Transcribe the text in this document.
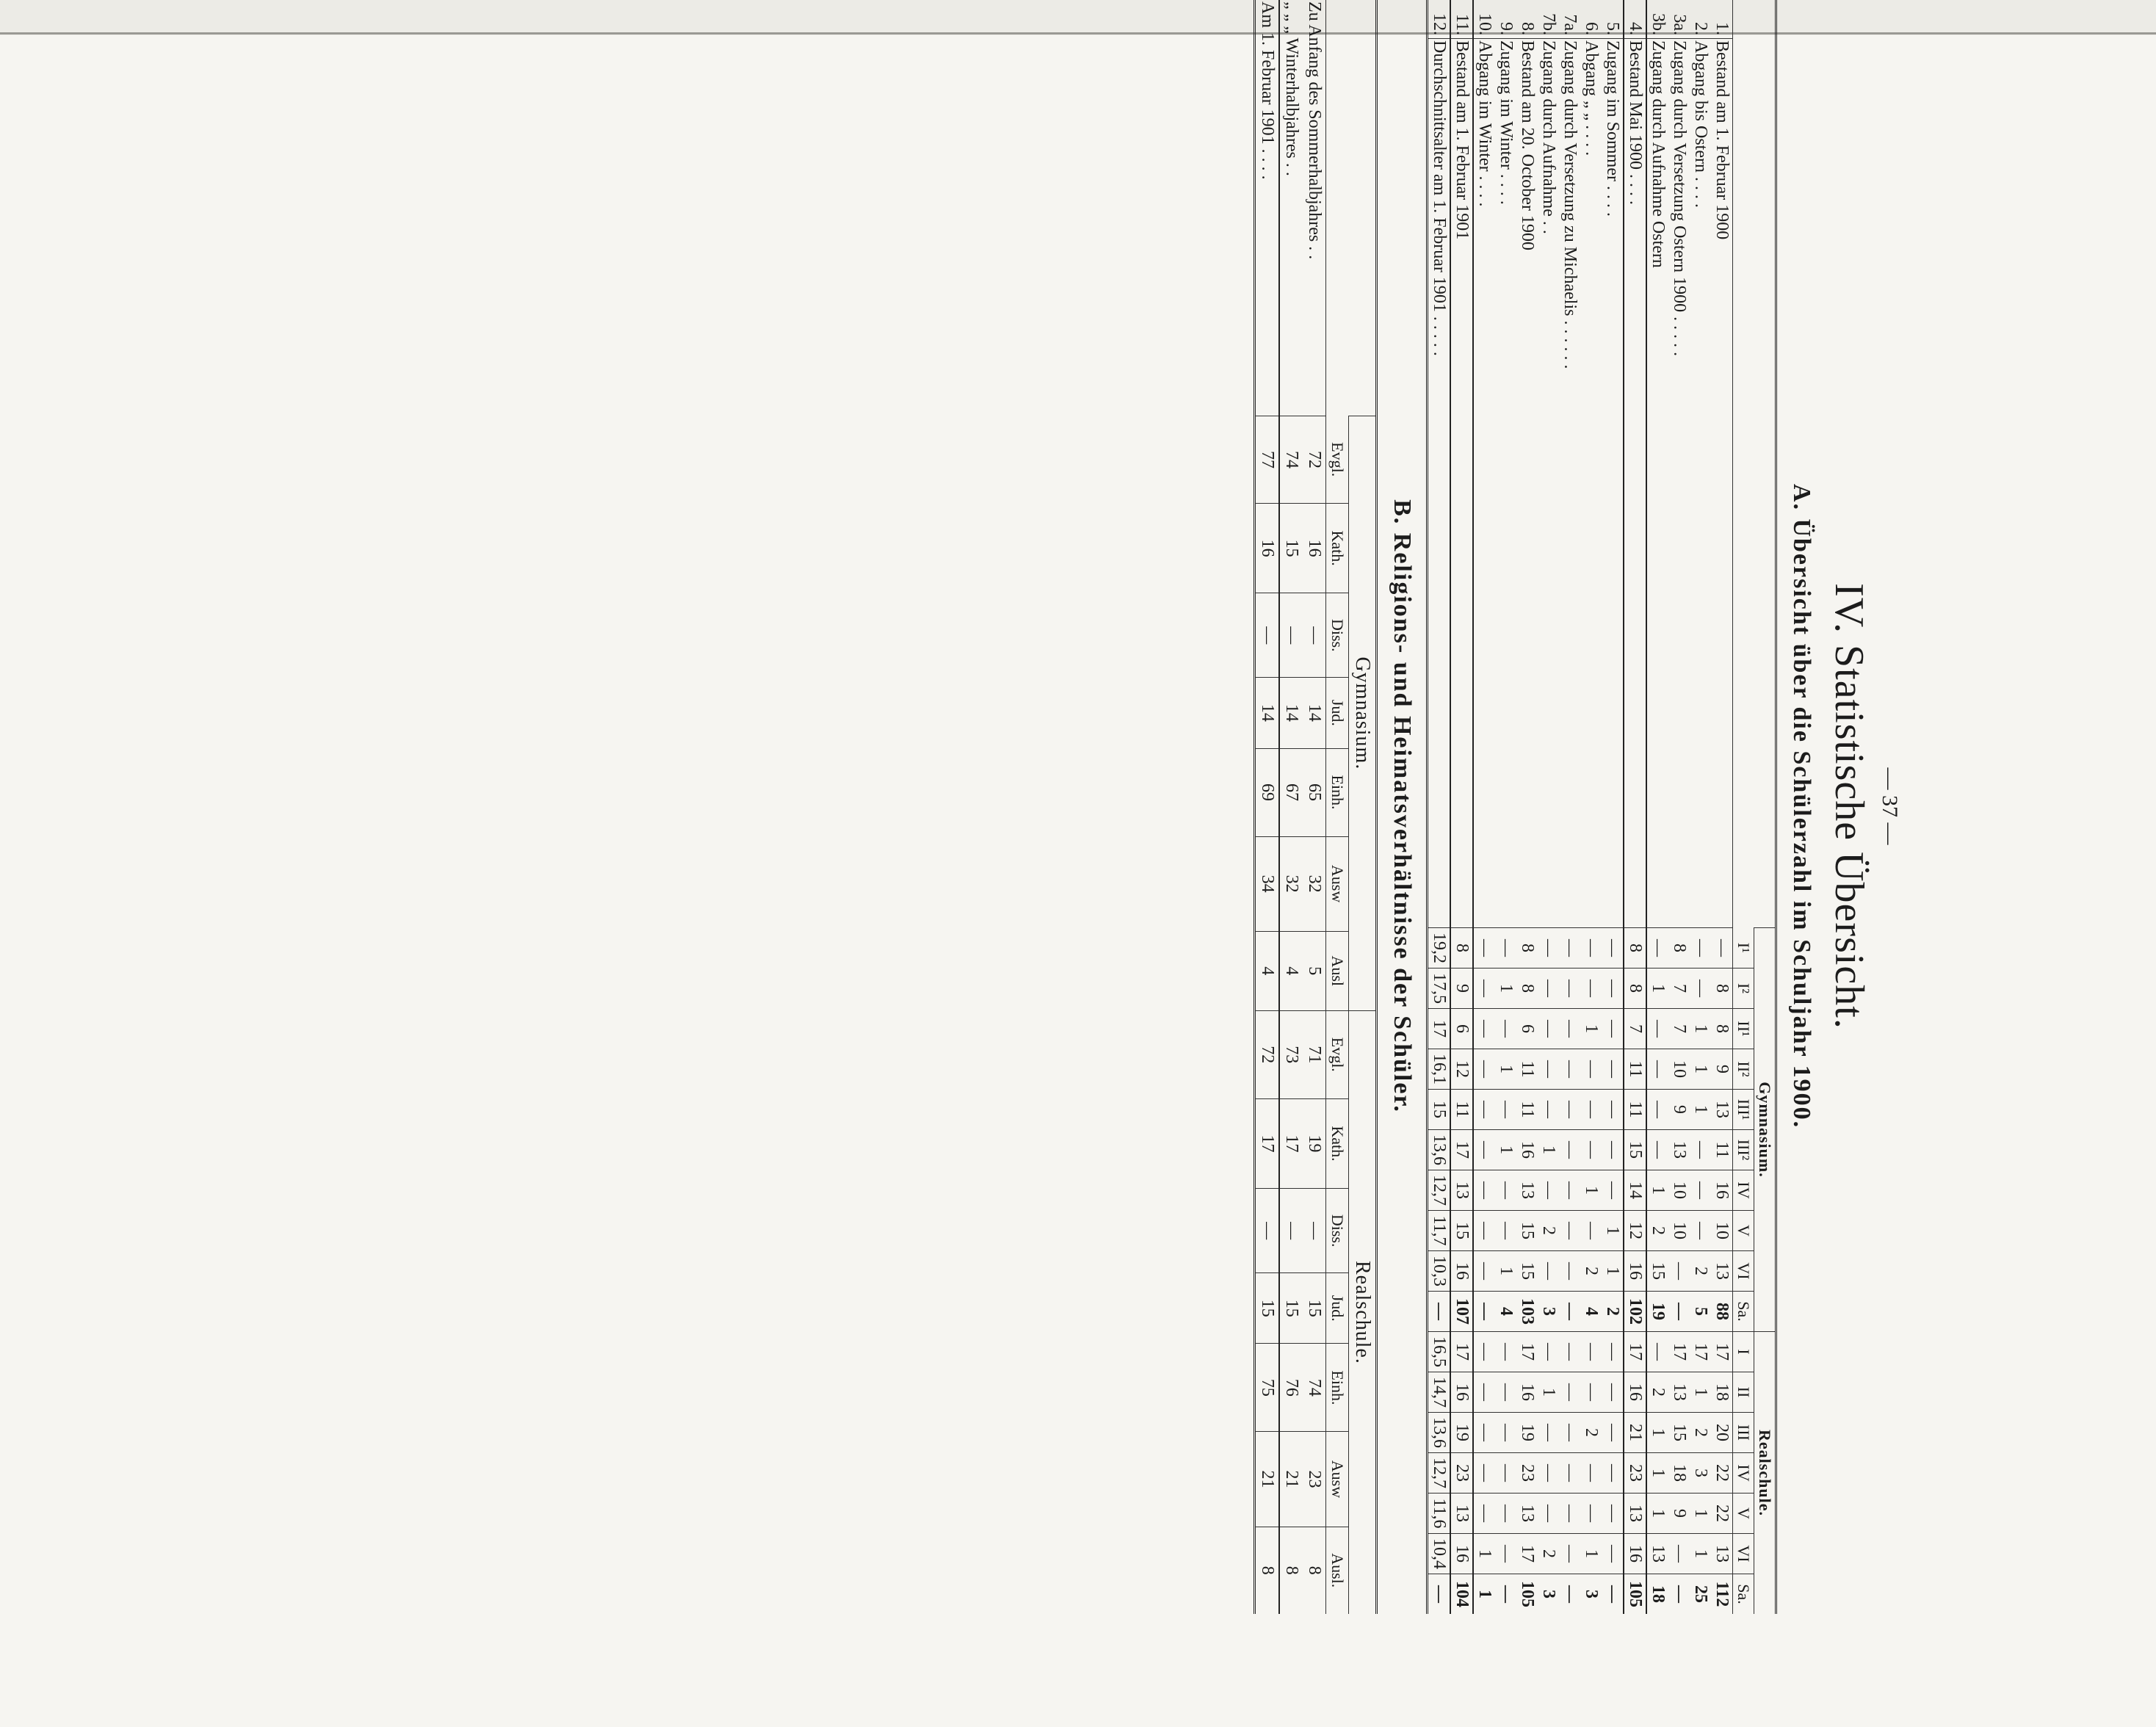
— 37 —
IV. Statistische Übersicht.
A. Übersicht über die Schülerzahl im Schuljahr 1900.
		Gymnasium.										Realschule.						
		I¹	I²	II¹	II²	III¹	III²	IV	V	VI	Sa.	I	II	III	IV	V	VI	Sa.
1.	Bestand am 1. Februar 1900	—	8	8	9	13	11	16	10	13	88	17	18	20	22	22	13	112
2.	Abgang bis Ostern . . . .	—	—	1	1	1	—	—	—	2	5	17	1	2	3	1	1	25
3a.	Zugang durch Versetzung Ostern 1900 . . . . .	8	7	7	10	9	13	10	10	—	—	17	13	15	18	9	—	—
3b.	Zugang durch Aufnahme Ostern	—	1	—	—	—	—	1	2	15	19	—	2	1	1	1	13	18
4.	Bestand Mai 1900 . . . .	8	8	7	11	11	15	14	12	16	102	17	16	21	23	13	16	105
5.	Zugang im Sommer . . . .	—	—	—	—	—	—	—	1	1	2	—	—	—	—	—	—	—
6.	Abgang „ „ . . . .	—	—	1	—	—	—	1	—	2	4	—	—	2	—	—	1	3
7a.	Zugang durch Versetzung zu Michaelis . . . . . .	—	—	—	—	—	—	—	—	—	—	—	—	—	—	—	—	—
7b.	Zugang durch Aufnahme . .	—	—	—	—	—	1	—	2	—	3	—	1	—	—	—	2	3
8.	Bestand am 20. October 1900	8	8	6	11	11	16	13	15	15	103	17	16	19	23	13	17	105
9.	Zugang im Winter . . . .	—	1	—	1	—	1	—	—	1	4	—	—	—	—	—	—	—
10.	Abgang im Winter . . . .	—	—	—	—	—	—	—	—	—	—	—	—	—	—	—	1	1
11.	Bestand am 1. Februar 1901	8	9	6	12	11	17	13	15	16	107	17	16	19	23	13	16	104
12.	Durchschnittsalter am 1. Februar 1901 . . . . .	19,2	17,5	17	16,1	15	13,6	12,7	11,7	10,3	—	16,5	14,7	13,6	12,7	11,6	10,4	—
B. Religions- und Heimatsverhältnisse der Schüler.
	Gymnasium.							Realschule.						
	Evgl.	Kath.	Diss.	Jud.	Einh.	Ausw	Ausl	Evgl.	Kath.	Diss.	Jud.	Einh.	Ausw	Ausl.
Zu Anfang des Sommerhalbjahres . .	72	16	—	14	65	32	5	71	19	—	15	74	23	8
„ „ „ Winterhalbjahres . .	74	15	—	14	67	32	4	73	17	—	15	76	21	8
Am 1. Februar 1901 . . . .	77	16	—	14	69	34	4	72	17	—	15	75	21	8
